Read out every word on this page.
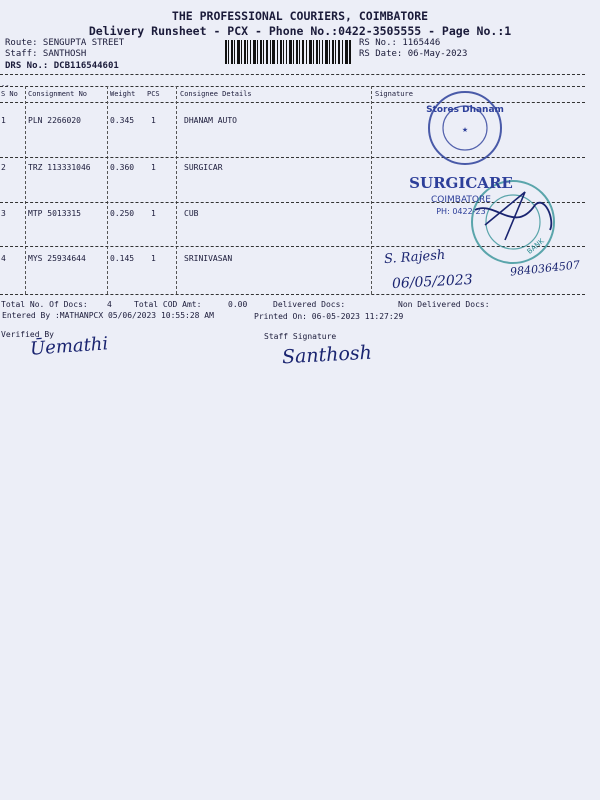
THE PROFESSIONAL COURIERS, COIMBATORE
Delivery Runsheet - PCX - Phone No.:0422-3505555 - Page No.:1
Route: SENGUPTA STREET
Staff: SANTHOSH
DRS No.: DCB116544601
RS No.: 1165446
RS Date: 06-May-2023
--
S No Consignment No	Weight PCS	Consignee Details	Signature
1	PLN 2266020	0.345 1	DHANAM AUTO
2	TRZ 113331046 0.360 1	SURGICAR
3	MTP 5013315	0.250 1	CUB
4	MYS 25934644	0.145 1	SRINIVASAN
Total No. Of Docs: 4	Total COD Amt:	0.00	Delivered Docs:	Non Delivered Docs:
Entered By :MATHANPCX 05/06/2023 10:55:28 AM	Printed On: 06-05-2023 11:27:29
Verified By	Staff Signature
Stores Dhanam
★
SURGICARE
COIMBATORE
PH: 0422-23
BANK
S. Rajesh
06/05/2023
9840364507
Ūemathi	Santhosh
